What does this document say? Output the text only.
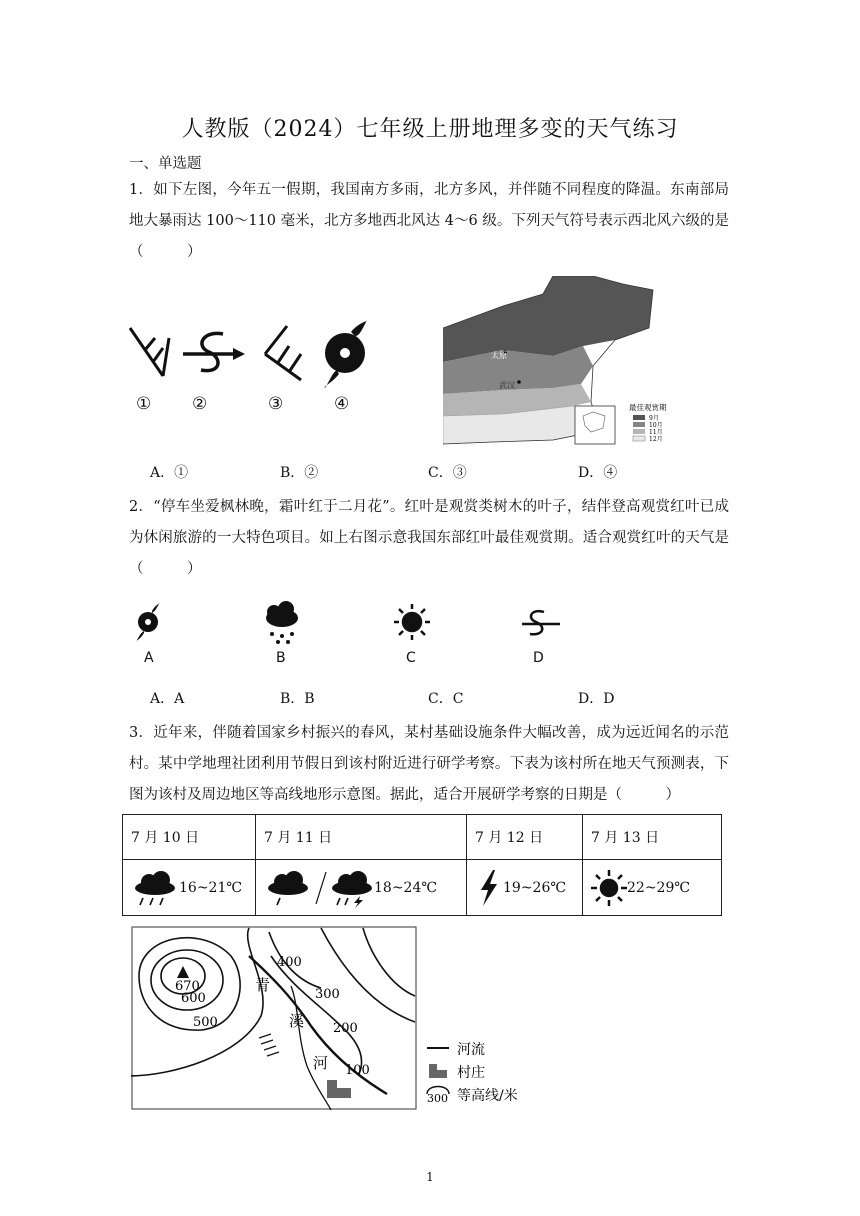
人教版（2024）七年级上册地理多变的天气练习
一、单选题
1．如下左图，今年五一假期，我国南方多雨，北方多风，并伴随不同程度的降温。东南部局地大暴雨达 100～110 毫米，北方多地西北风达 4～6 级。下列天气符号表示西北风六级的是（　　　）
① ②	③	④
太原
武汉
最佳观赏期
9月
10月
11月
12月
A．①	B．②	C．③	D．④
2．“停车坐爱枫林晚，霜叶红于二月花”。红叶是观赏类树木的叶子，结伴登高观赏红叶已成为休闲旅游的一大特色项目。如上右图示意我国东部红叶最佳观赏期。适合观赏红叶的天气是（　　　）
A	B	C	D
A．A	B．B	C．C	D．D
3．近年来，伴随着国家乡村振兴的春风，某村基础设施条件大幅改善，成为远近闻名的示范村。某中学地理社团利用节假日到该村附近进行研学考察。下表为该村所在地天气预测表，下图为该村及周边地区等高线地形示意图。据此，适合开展研学考察的日期是（　　　）
7 月 10 日	7 月 11 日	7 月 12 日	7 月 13 日
16~21℃	18~24℃	19~26℃	22~29℃
670
600
500
400
300
200
100
青
溪
河
河流
村庄
300 等高线/米
1
